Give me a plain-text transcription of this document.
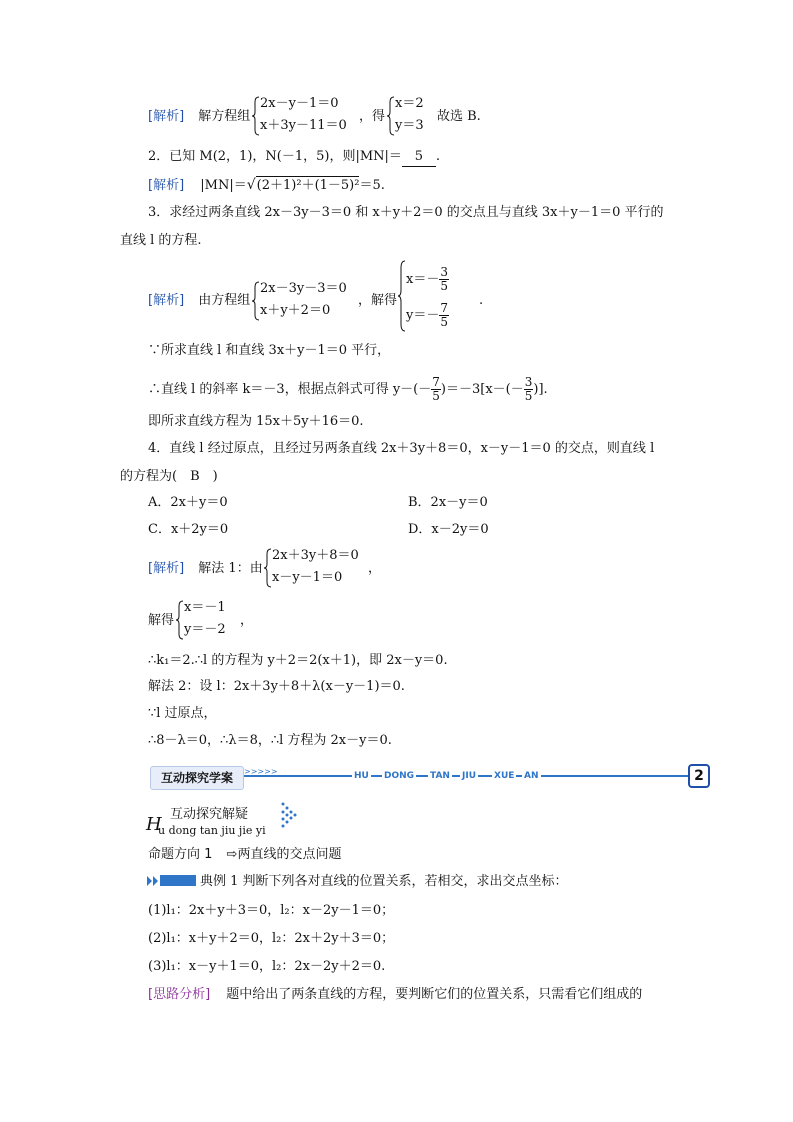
[解析] 解方程组
2x－y－1＝0
x＋3y－11＝0
，得
x＝2
y＝3
故选 B.
2．已知 M(2，1)，N(－1，5)，则|MN|＝ 5 .
[解析] |MN|＝√(2＋1)²＋(1－5)²＝5.
3．求经过两条直线 2x－3y－3＝0 和 x＋y＋2＝0 的交点且与直线 3x＋y－1＝0 平行的
直线 l 的方程.
[解析] 由方程组
2x－3y－3＝0
x＋y＋2＝0
，解得
$x=- \frac{3}{5}$
$y=- \frac{7}{5}$
.
∵所求直线 l 和直线 3x＋y－1＝0 平行，
∴直线 l 的斜率 k＝－3，根据点斜式可得 $y-(- \frac{7}{5} )=-3[x-(- \frac{3}{5}$ )].
即所求直线方程为 15x＋5y＋16＝0.
4．直线 l 经过原点，且经过另两条直线 2x＋3y＋8＝0，x－y－1＝0 的交点，则直线 l
的方程为(　B　)
A．2x＋y＝0	B．2x－y＝0
C．x＋2y＝0	D．x－2y＝0
[解析] 解法 1：由
2x＋3y＋8＝0
x－y－1＝0
，
解得
x＝－1
y＝－2
，
∴k₁＝2.∴l 的方程为 y＋2＝2(x＋1)，即 2x－y＝0.
解法 2：设 l：2x＋3y＋8＋λ(x－y－1)＝0.
∵l 过原点，
∴8－λ＝0，∴λ＝8，∴l 方程为 2x－y＝0.
互动探究学案	>>>>>	HU DONG TAN JIU XUE AN	2
H 互动探究解疑
u dong tan jiu jie yi
命题方向 1 ⇨两直线的交点问题
典例 1 判断下列各对直线的位置关系，若相交，求出交点坐标：
(1)l₁：2x＋y＋3＝0，l₂：x－2y－1＝0；
(2)l₁：x＋y＋2＝0，l₂：2x＋2y＋3＝0；
(3)l₁：x－y＋1＝0，l₂：2x－2y＋2＝0.
[思路分析] 题中给出了两条直线的方程，要判断它们的位置关系，只需看它们组成的
